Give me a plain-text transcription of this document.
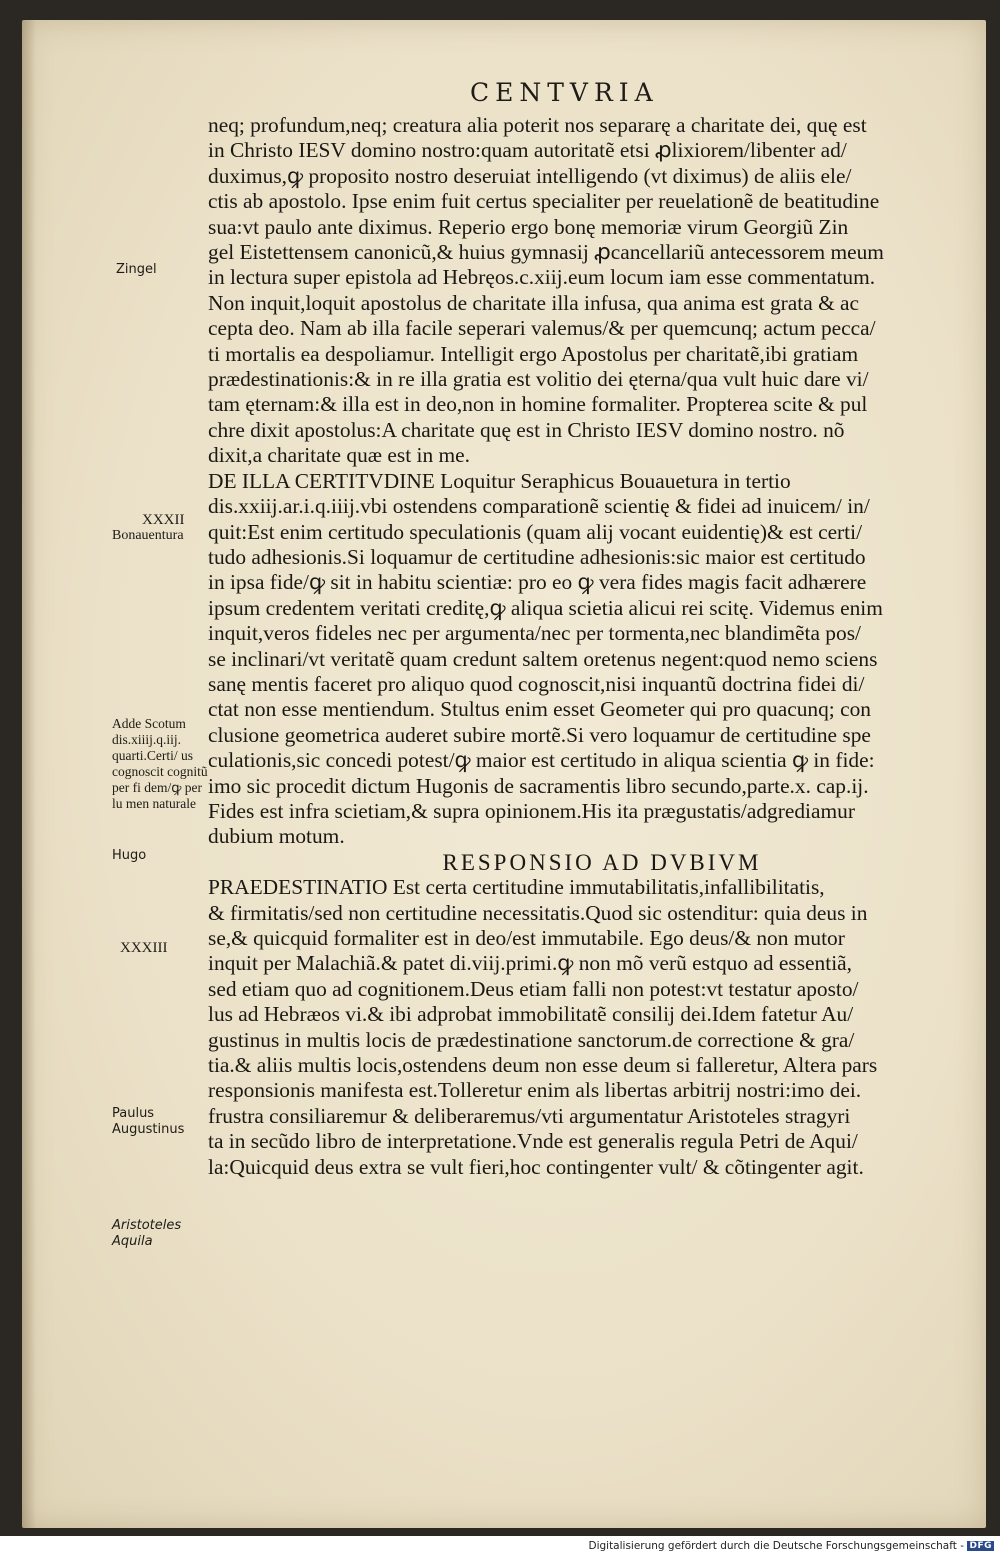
CENTVRIA
Zingel
XXXII
Bonauentura
Adde Scotum dis.xiiij.q.iij. quarti.Certi/ us cognoscit cognitũ per fi dem/ꝙ per lu men naturale
Hugo
XXXIII
Paulus Augustinus
Aristoteles Aquila
neq; profundum,neq; creatura alia poterit nos separarę a charitate dei, quę est
in Christo IESV domino nostro:quam autoritatẽ etsi ꝓlixiorem/libenter ad/
duximus,ꝙ proposito nostro deseruiat intelligendo (vt diximus) de aliis ele/
ctis ab apostolo. Ipse enim fuit certus specialiter per reuelationẽ de beatitudine
sua:vt paulo ante diximus. Reperio ergo bonę memoriæ virum Georgiũ Zin
gel Eistettensem canonicũ,& huius gymnasij ꝓcancellariũ antecessorem meum
in lectura super epistola ad Hebręos.c.xiij.eum locum iam esse commentatum.
Non inquit,loquit apostolus de charitate illa infusa, qua anima est grata & ac
cepta deo. Nam ab illa facile seperari valemus/& per quemcunq; actum pecca/
ti mortalis ea despoliamur. Intelligit ergo Apostolus per charitatẽ,ibi gratiam
prædestinationis:& in re illa gratia est volitio dei ęterna/qua vult huic dare vi/
tam ęternam:& illa est in deo,non in homine formaliter. Propterea scite & pul
chre dixit apostolus:A charitate quę est in Christo IESV domino nostro. nõ
dixit,a charitate quæ est in me.
DE ILLA CERTITVDINE Loquitur Seraphicus Bouauetura in tertio
dis.xxiij.ar.i.q.iiij.vbi ostendens comparationẽ scientię & fidei ad inuicem/ in/
quit:Est enim certitudo speculationis (quam alij vocant euidentię)& est certi/
tudo adhesionis.Si loquamur de certitudine adhesionis:sic maior est certitudo
in ipsa fide/ꝙ sit in habitu scientiæ: pro eo ꝙ vera fides magis facit adhærere
ipsum credentem veritati creditę,ꝙ aliqua scietia alicui rei scitę. Videmus enim
inquit,veros fideles nec per argumenta/nec per tormenta,nec blandimẽta pos/
se inclinari/vt veritatẽ quam credunt saltem oretenus negent:quod nemo sciens
sanę mentis faceret pro aliquo quod cognoscit,nisi inquantũ doctrina fidei di/
ctat non esse mentiendum. Stultus enim esset Geometer qui pro quacunq; con
clusione geometrica auderet subire mortẽ.Si vero loquamur de certitudine spe
culationis,sic concedi potest/ꝙ maior est certitudo in aliqua scientia ꝙ in fide:
imo sic procedit dictum Hugonis de sacramentis libro secundo,parte.x. cap.ij.
Fides est infra scietiam,& supra opinionem.His ita prægustatis/adgrediamur
dubium motum.
RESPONSIO AD DVBIVM
PRAEDESTINATIO Est certa certitudine immutabilitatis,infallibilitatis,
& firmitatis/sed non certitudine necessitatis.Quod sic ostenditur: quia deus in
se,& quicquid formaliter est in deo/est immutabile. Ego deus/& non mutor
inquit per Malachiã.& patet di.viij.primi.ꝙ non mõ verũ estquo ad essentiã,
sed etiam quo ad cognitionem.Deus etiam falli non potest:vt testatur aposto/
lus ad Hebræos vi.& ibi adprobat immobilitatẽ consilij dei.Idem fatetur Au/
gustinus in multis locis de prædestinatione sanctorum.de correctione & gra/
tia.& aliis multis locis,ostendens deum non esse deum si falleretur, Altera pars
responsionis manifesta est.Tolleretur enim als libertas arbitrij nostri:imo dei.
frustra consiliaremur & deliberaremus/vti argumentatur Aristoteles stragyri
ta in secũdo libro de interpretatione.Vnde est generalis regula Petri de Aqui/
la:Quicquid deus extra se vult fieri,hoc contingenter vult/ & cõtingenter agit.
Digitalisierung gefördert durch die Deutsche Forschungsgemeinschaft - DFG
